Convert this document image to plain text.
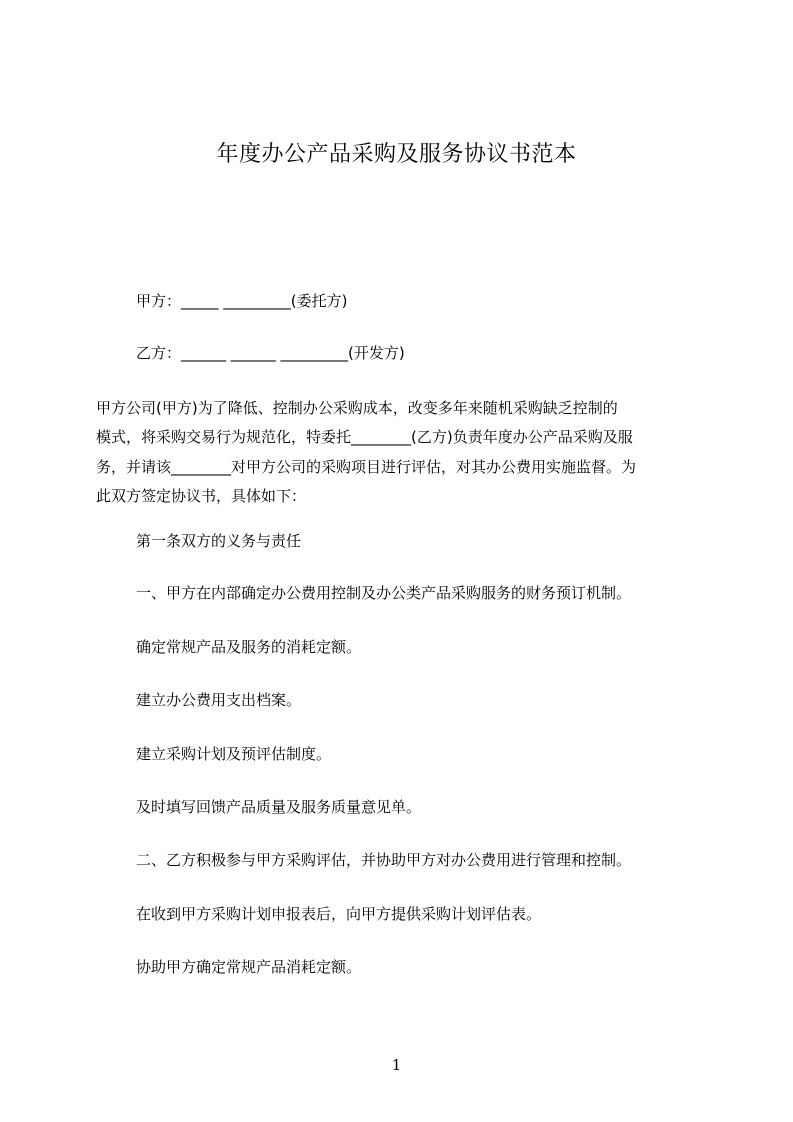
年度办公产品采购及服务协议书范本
甲方：_____ _________(委托方)
乙方：______ ______ _________(开发方)
甲方公司(甲方)为了降低、控制办公采购成本，改变多年来随机采购缺乏控制的
模式，将采购交易行为规范化，特委托________(乙方)负责年度办公产品采购及服
务，并请该________对甲方公司的采购项目进行评估，对其办公费用实施监督。为
此双方签定协议书，具体如下：
第一条双方的义务与责任
一、甲方在内部确定办公费用控制及办公类产品采购服务的财务预订机制。
确定常规产品及服务的消耗定额。
建立办公费用支出档案。
建立采购计划及预评估制度。
及时填写回馈产品质量及服务质量意见单。
二、乙方积极参与甲方采购评估，并协助甲方对办公费用进行管理和控制。
在收到甲方采购计划申报表后，向甲方提供采购计划评估表。
协助甲方确定常规产品消耗定额。
1
